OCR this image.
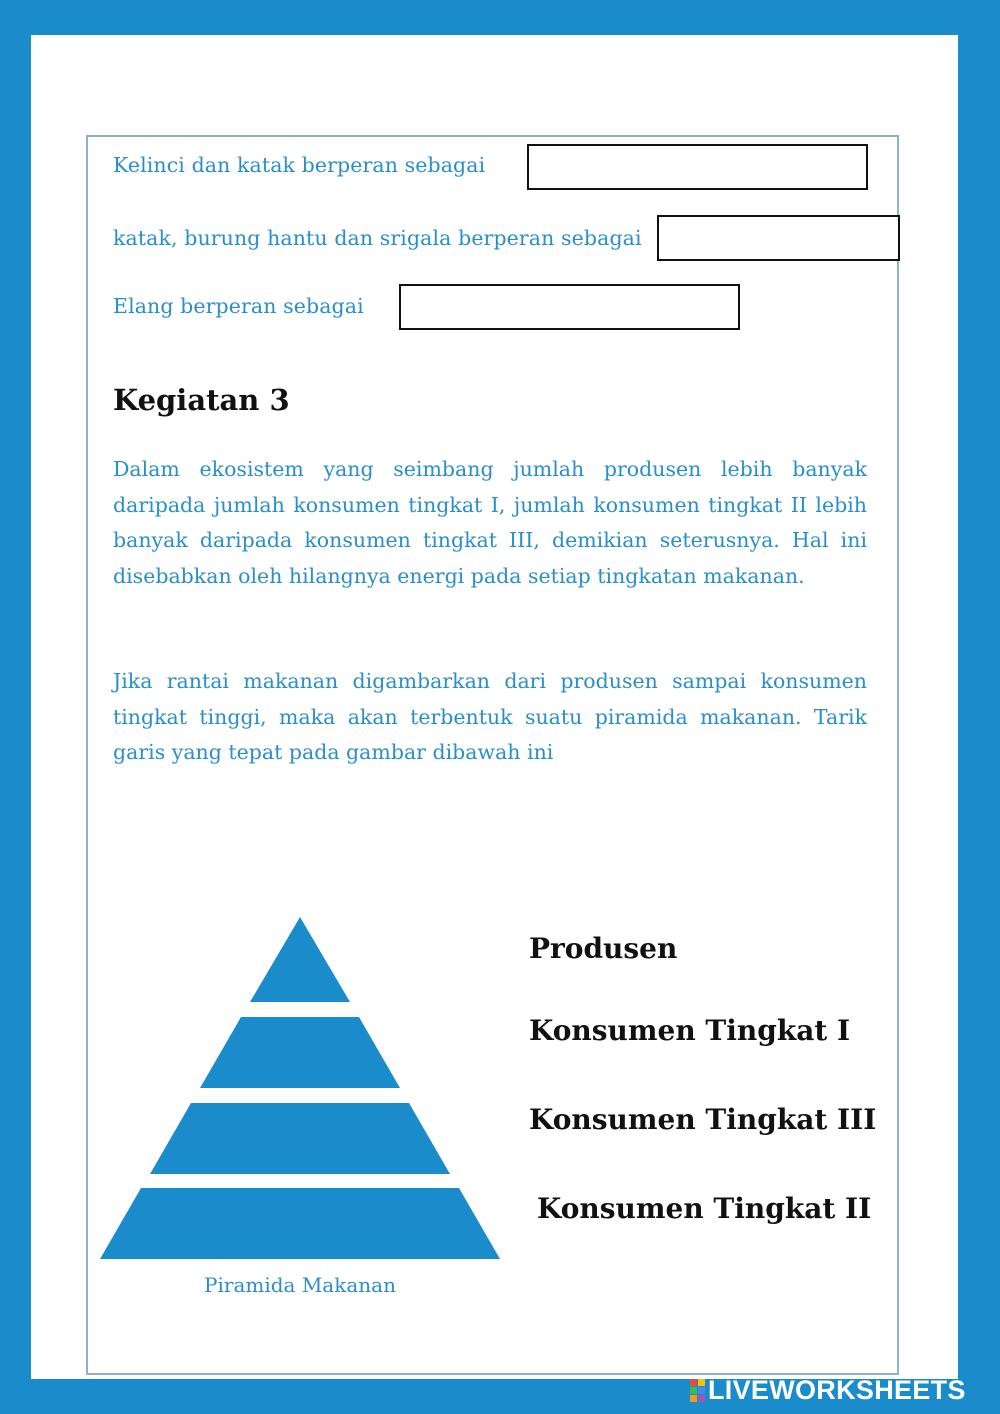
Kelinci dan katak berperan sebagai
katak, burung hantu dan srigala berperan sebagai
Elang berperan sebagai
Kegiatan 3

Dalam ekosistem yang seimbang jumlah produsen lebih banyak daripada jumlah konsumen tingkat I, jumlah konsumen tingkat II lebih banyak daripada konsumen tingkat III, demikian seterusnya. Hal ini disebabkan oleh hilangnya energi pada setiap tingkatan makanan.

Jika rantai makanan digambarkan dari produsen sampai konsumen tingkat tinggi, maka akan terbentuk suatu piramida makanan. Tarik garis yang tepat pada gambar dibawah ini

Piramida Makanan
Produsen
Konsumen Tingkat I
Konsumen Tingkat III
Konsumen Tingkat II
LIVEWORKSHEETS
